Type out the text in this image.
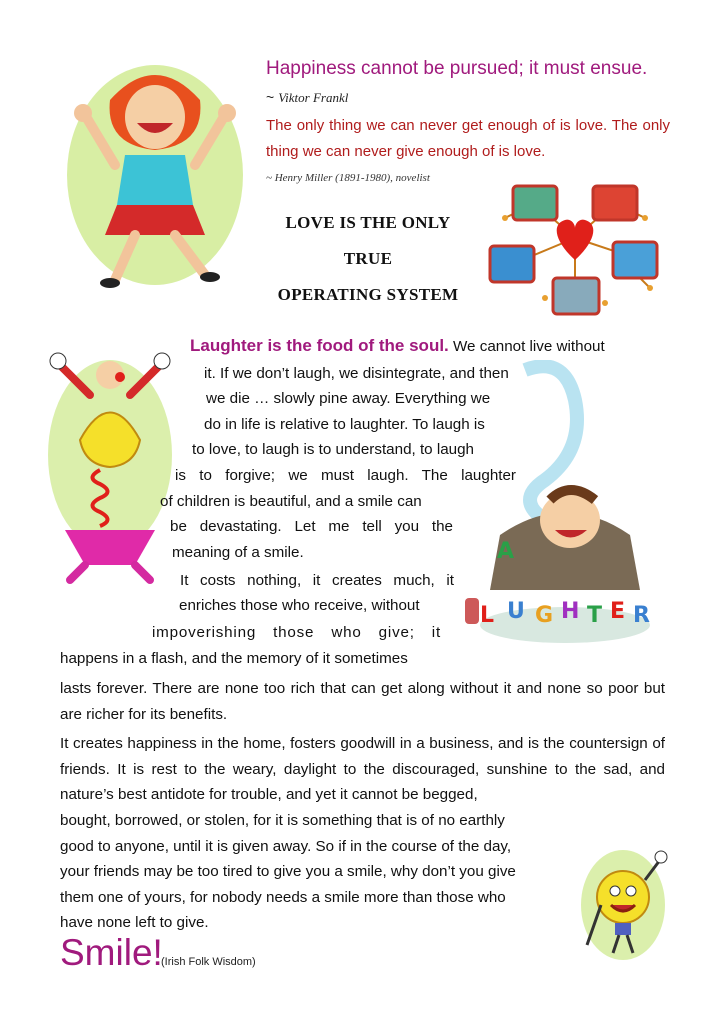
Happiness cannot be pursued; it must ensue. ~ Viktor Frankl
The only thing we can never get enough of is love. The only thing we can never give enough of is love.
~ Henry Miller (1891-1980), novelist
LOVE IS THE ONLY
TRUE
OPERATING SYSTEM
A
L U G H T E R
Laughter is the food of the soul. We cannot live without
it. If we don’t laugh, we disintegrate, and then
we die … slowly pine away. Everything we
do in life is relative to laughter. To laugh is
to love, to laugh is to understand, to laugh
is to forgive; we must laugh. The laughter
of children is beautiful, and a smile can
be devastating. Let me tell you the
meaning of a smile.
It costs nothing, it creates much, it
enriches those who receive, without
impoverishing those who give; it
happens in a flash, and the memory of it sometimes
lasts forever. There are none too rich that can get along without it and none so poor but are richer for its benefits.
It creates happiness in the home, fosters goodwill in a business, and is the countersign of friends. It is rest to the weary, daylight to the discouraged, sunshine to the sad, and nature’s best antidote for trouble, and yet it cannot be begged,
bought, borrowed, or stolen, for it is something that is of no earthly
good to anyone, until it is given away. So if in the course of the day,
your friends may be too tired to give you a smile, why don’t you give
them one of yours, for nobody needs a smile more than those who
have none left to give.
Smile!
(Irish Folk Wisdom)
